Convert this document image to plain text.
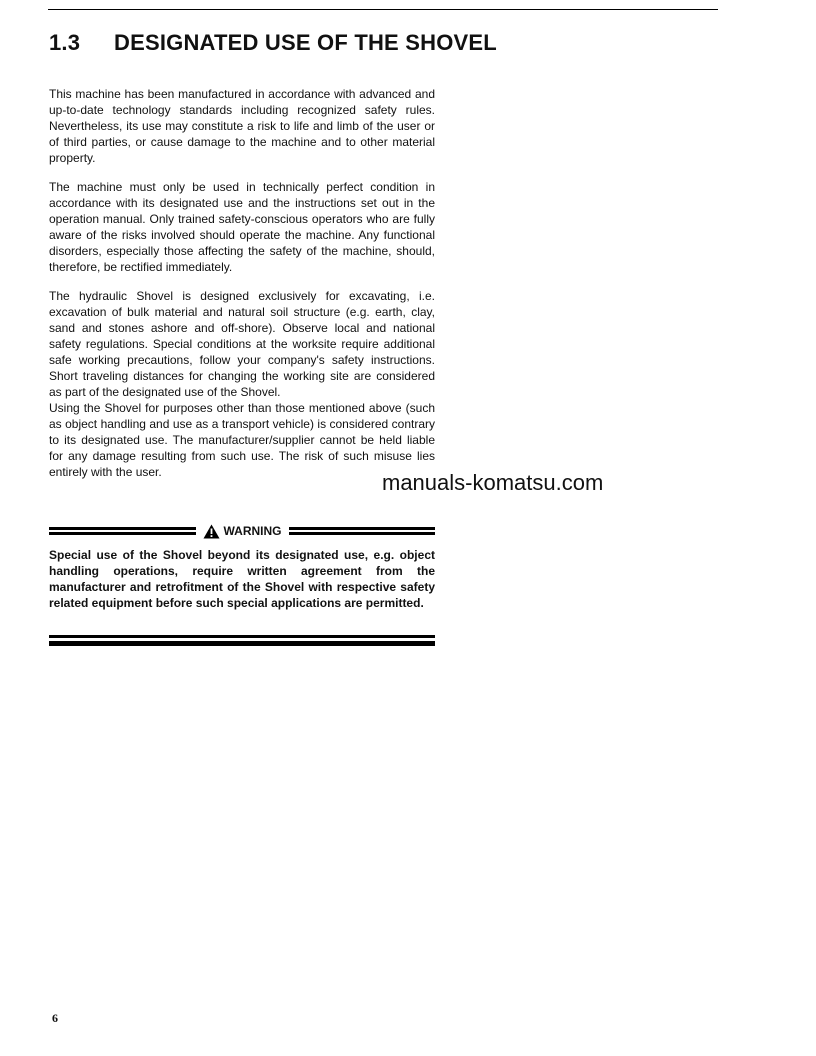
1.3 DESIGNATED USE OF THE SHOVEL

This machine has been manufactured in accordance with advanced and up-to-date technology standards including recognized safety rules. Nevertheless, its use may constitute a risk to life and limb of the user or of third parties, or cause damage to the machine and to other material property.

The machine must only be used in technically perfect condition in accordance with its designated use and the instructions set out in the operation manual. Only trained safety-conscious operators who are fully aware of the risks involved should operate the machine. Any functional disorders, especially those affecting the safety of the machine, should, therefore, be rectified immediately.

The hydraulic Shovel is designed exclusively for excavating, i.e. excavation of bulk material and natural soil structure (e.g. earth, clay, sand and stones ashore and off-shore). Observe local and national safety regulations. Special conditions at the worksite require additional safe working precautions, follow your company's safety instructions. Short traveling distances for changing the working site are considered as part of the designated use of the Shovel.

Using the Shovel for purposes other than those mentioned above (such as object handling and use as a transport vehicle) is considered contrary to its designated use. The manufacturer/supplier cannot be held liable for any damage resulting from such use. The risk of such misuse lies entirely with the user.	manuals-komatsu.com
WARNING

Special use of the Shovel beyond its designated use, e.g. object handling operations, require written agreement from the manufacturer and retrofitment of the Shovel with respective safety related equipment before such special applications are permitted.

6
